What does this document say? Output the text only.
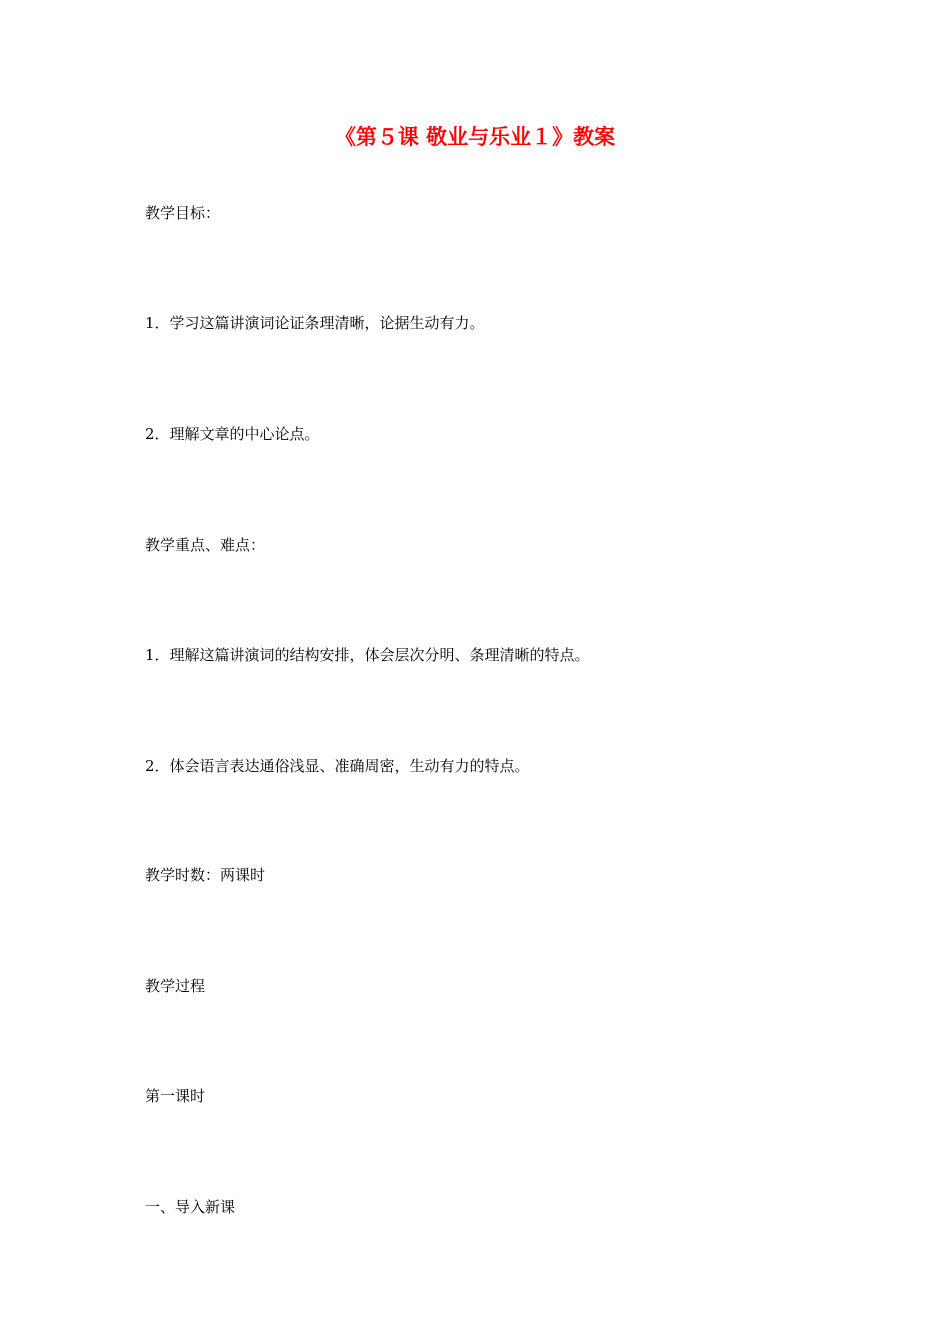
《第５课 敬业与乐业１》教案
教学目标：
1．学习这篇讲演词论证条理清晰，论据生动有力。
2．理解文章的中心论点。
教学重点、难点：
1．理解这篇讲演词的结构安排，体会层次分明、条理清晰的特点。
2．体会语言表达通俗浅显、准确周密，生动有力的特点。
教学时数：两课时
教学过程
第一课时
一、导入新课
